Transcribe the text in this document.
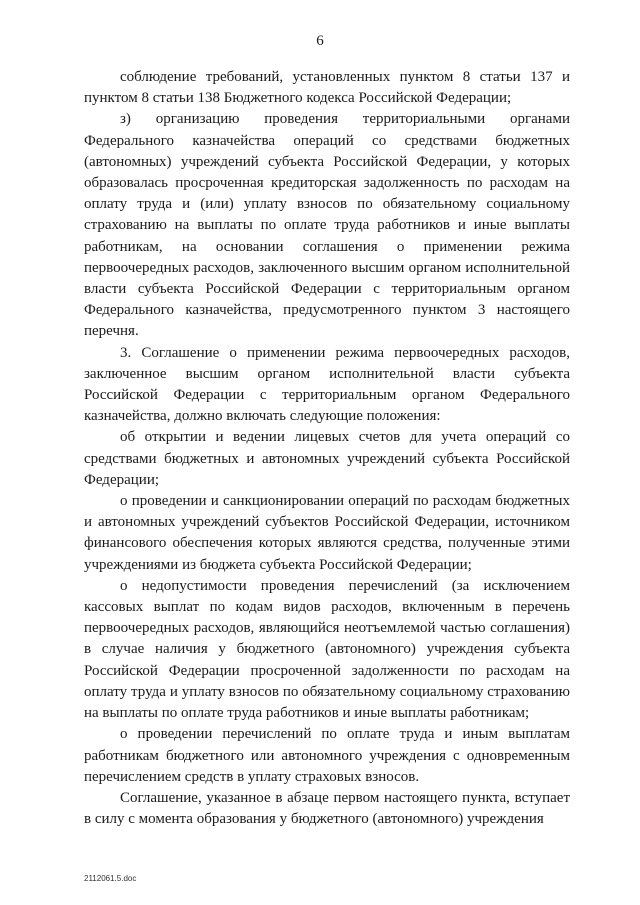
6

соблюдение требований, установленных пунктом 8 статьи 137 и пунктом 8 статьи 138 Бюджетного кодекса Российской Федерации;

з) организацию проведения территориальными органами Федерального казначейства операций со средствами бюджетных (автономных) учреждений субъекта Российской Федерации, у которых образовалась просроченная кредиторская задолженность по расходам на оплату труда и (или) уплату взносов по обязательному социальному страхованию на выплаты по оплате труда работников и иные выплаты работникам, на основании соглашения о применении режима первоочередных расходов, заключенного высшим органом исполнительной власти субъекта Российской Федерации с территориальным органом Федерального казначейства, предусмотренного пунктом 3 настоящего перечня.

3. Соглашение о применении режима первоочередных расходов, заключенное высшим органом исполнительной власти субъекта Российской Федерации с территориальным органом Федерального казначейства, должно включать следующие положения:

об открытии и ведении лицевых счетов для учета операций со средствами бюджетных и автономных учреждений субъекта Российской Федерации;

о проведении и санкционировании операций по расходам бюджетных и автономных учреждений субъектов Российской Федерации, источником финансового обеспечения которых являются средства, полученные этими учреждениями из бюджета субъекта Российской Федерации;

о недопустимости проведения перечислений (за исключением кассовых выплат по кодам видов расходов, включенным в перечень первоочередных расходов, являющийся неотъемлемой частью соглашения) в случае наличия у бюджетного (автономного) учреждения субъекта Российской Федерации просроченной задолженности по расходам на оплату труда и уплату взносов по обязательному социальному страхованию на выплаты по оплате труда работников и иные выплаты работникам;

о проведении перечислений по оплате труда и иным выплатам работникам бюджетного или автономного учреждения с одновременным перечислением средств в уплату страховых взносов.

Соглашение, указанное в абзаце первом настоящего пункта, вступает в силу с момента образования у бюджетного (автономного) учреждения

2112061.5.doc
